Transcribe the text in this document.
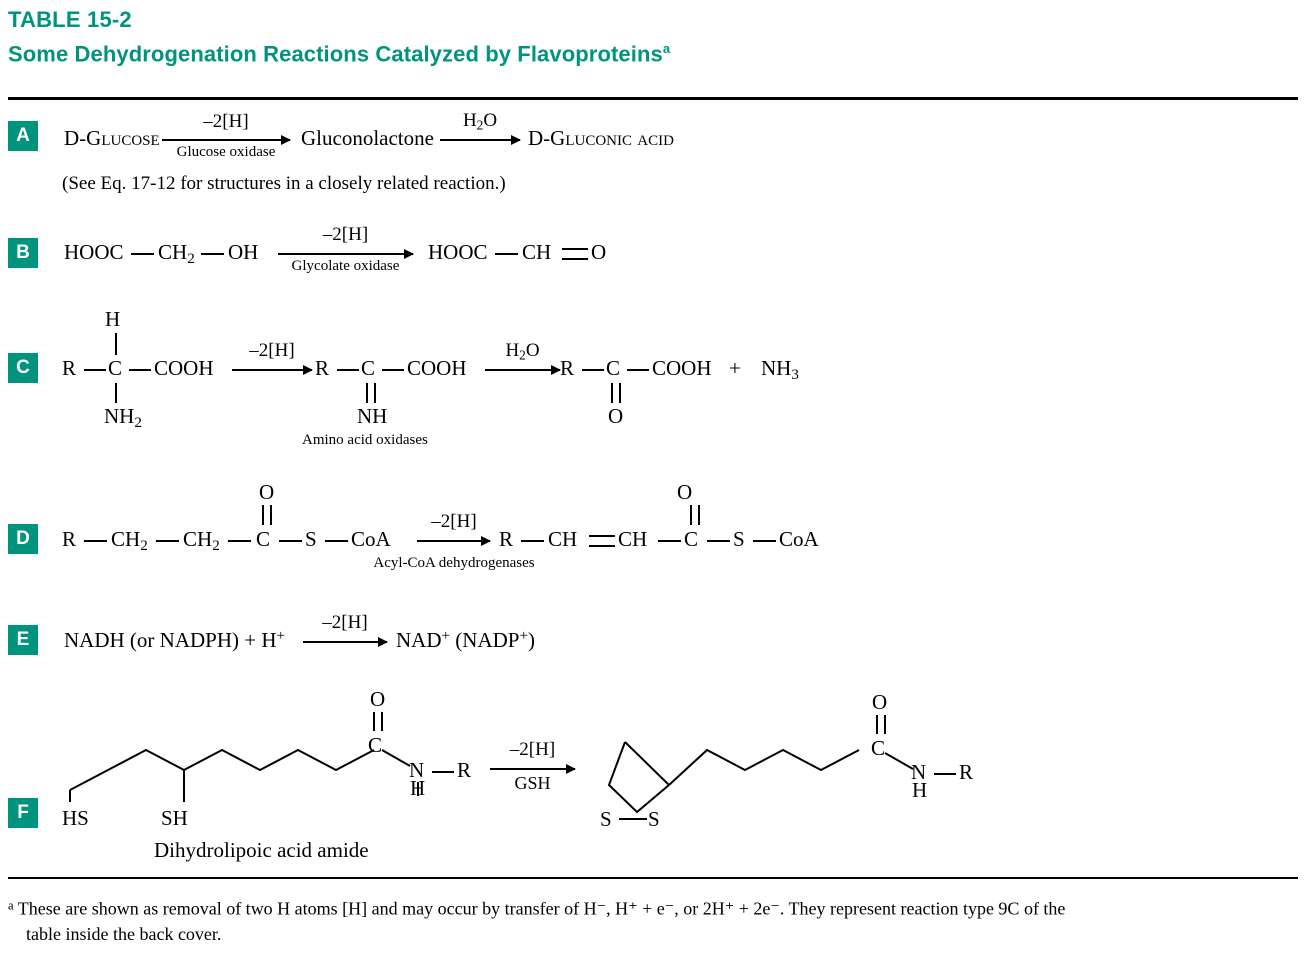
TABLE 15-2
Some Dehydrogenation Reactions Catalyzed by Flavoproteins$^a$
A	D-Glucose
–2[H]
Glucose oxidase
Gluconolactone
$H_2O$
D-Gluconic acid
(See Eq. 17-12 for structures in a closely related reaction.)
B	HOOC $CH_2$ OH
–2[H]
Glycolate oxidase
HOOC CH O
C
H
R C COOH
$NH_2$
–2[H]
R C COOH
NH
$H_2O$
R C COOH
O
+ $NH_3$
Amino acid oxidases
D	R $CH_2$ $CH_2$ C
O
S CoA
–2[H]
Acyl-CoA dehydrogenases
R CH CH C
O
S CoA
E	NADH (or NADPH) + H+
–2[H]
NAD+ (NADP+)
F	HS	SH
C
O
N R
H
Dihydrolipoic acid amide
–2[H]
GSH
S S
C
O
N R
H
$^a$ These are shown as removal of two H atoms [H] and may occur by transfer of H⁻, H⁺ + e⁻, or 2H⁺ + 2e⁻. They represent reaction type 9C of the
table inside the back cover.
